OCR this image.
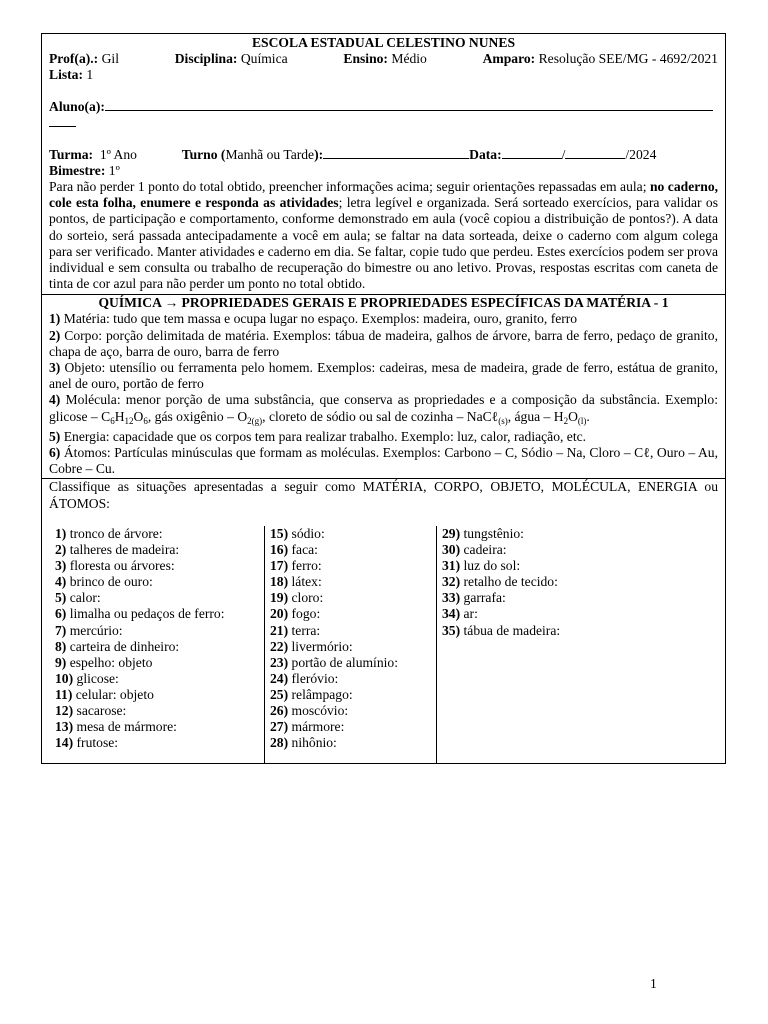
ESCOLA ESTADUAL CELESTINO NUNES
Prof(a).: Gil	Disciplina: Química	Ensino: Médio	Amparo: Resolução SEE/MG - 4692/2021
Lista: 1
Aluno(a):
Turma: 1º Ano	Turno (Manhã ou Tarde):	Data:	/	/2024
Bimestre: 1º
Para não perder 1 ponto do total obtido, preencher informações acima; seguir orientações repassadas em aula; no caderno, cole esta folha, enumere e responda as atividades; letra legível e organizada. Será sorteado exercícios, para validar os pontos, de participação e comportamento, conforme demonstrado em aula (você copiou a distribuição de pontos?). A data do sorteio, será passada antecipadamente a você em aula; se faltar na data sorteada, deixe o caderno com algum colega para ser verificado. Manter atividades e caderno em dia. Se faltar, copie tudo que perdeu. Estes exercícios podem ser prova individual e sem consulta ou trabalho de recuperação do bimestre ou ano letivo. Provas, respostas escritas com caneta de tinta de cor azul para não perder um ponto no total obtido.
QUÍMICA → PROPRIEDADES GERAIS E PROPRIEDADES ESPECÍFICAS DA MATÉRIA - 1

1) Matéria: tudo que tem massa e ocupa lugar no espaço. Exemplos: madeira, ouro, granito, ferro

2) Corpo: porção delimitada de matéria. Exemplos: tábua de madeira, galhos de árvore, barra de ferro, pedaço de granito, chapa de aço, barra de ouro, barra de ferro

3) Objeto: utensílio ou ferramenta pelo homem. Exemplos: cadeiras, mesa de madeira, grade de ferro, estátua de granito, anel de ouro, portão de ferro

4) Molécula: menor porção de uma substância, que conserva as propriedades e a composição da substância. Exemplo: glicose – $C_6H_{12}O_6$, gás oxigênio – $O_{2(g)}$, cloreto de sódio ou sal de cozinha – NaCℓ$_{(s)}$, água – $H_2O_{(l)}$.

5) Energia: capacidade que os corpos tem para realizar trabalho. Exemplo: luz, calor, radiação, etc.

6) Átomos: Partículas minúsculas que formam as moléculas. Exemplos: Carbono – C, Sódio – Na, Cloro – Cℓ, Ouro – Au, Cobre – Cu.

Classifique as situações apresentadas a seguir como MATÉRIA, CORPO, OBJETO, MOLÉCULA, ENERGIA ou ÁTOMOS:
1) tronco de árvore:
2) talheres de madeira:
3) floresta ou árvores:
4) brinco de ouro:
5) calor:
6) limalha ou pedaços de ferro:
7) mercúrio:
8) carteira de dinheiro:
9) espelho: objeto
10) glicose:
11) celular: objeto
12) sacarose:
13) mesa de mármore:
14) frutose:
15) sódio:
16) faca:
17) ferro:
18) látex:
19) cloro:
20) fogo:
21) terra:
22) livermório:
23) portão de alumínio:
24) fleróvio:
25) relâmpago:
26) moscóvio:
27) mármore:
28) nihônio:
29) tungstênio:
30) cadeira:
31) luz do sol:
32) retalho de tecido:
33) garrafa:
34) ar:
35) tábua de madeira:
1
